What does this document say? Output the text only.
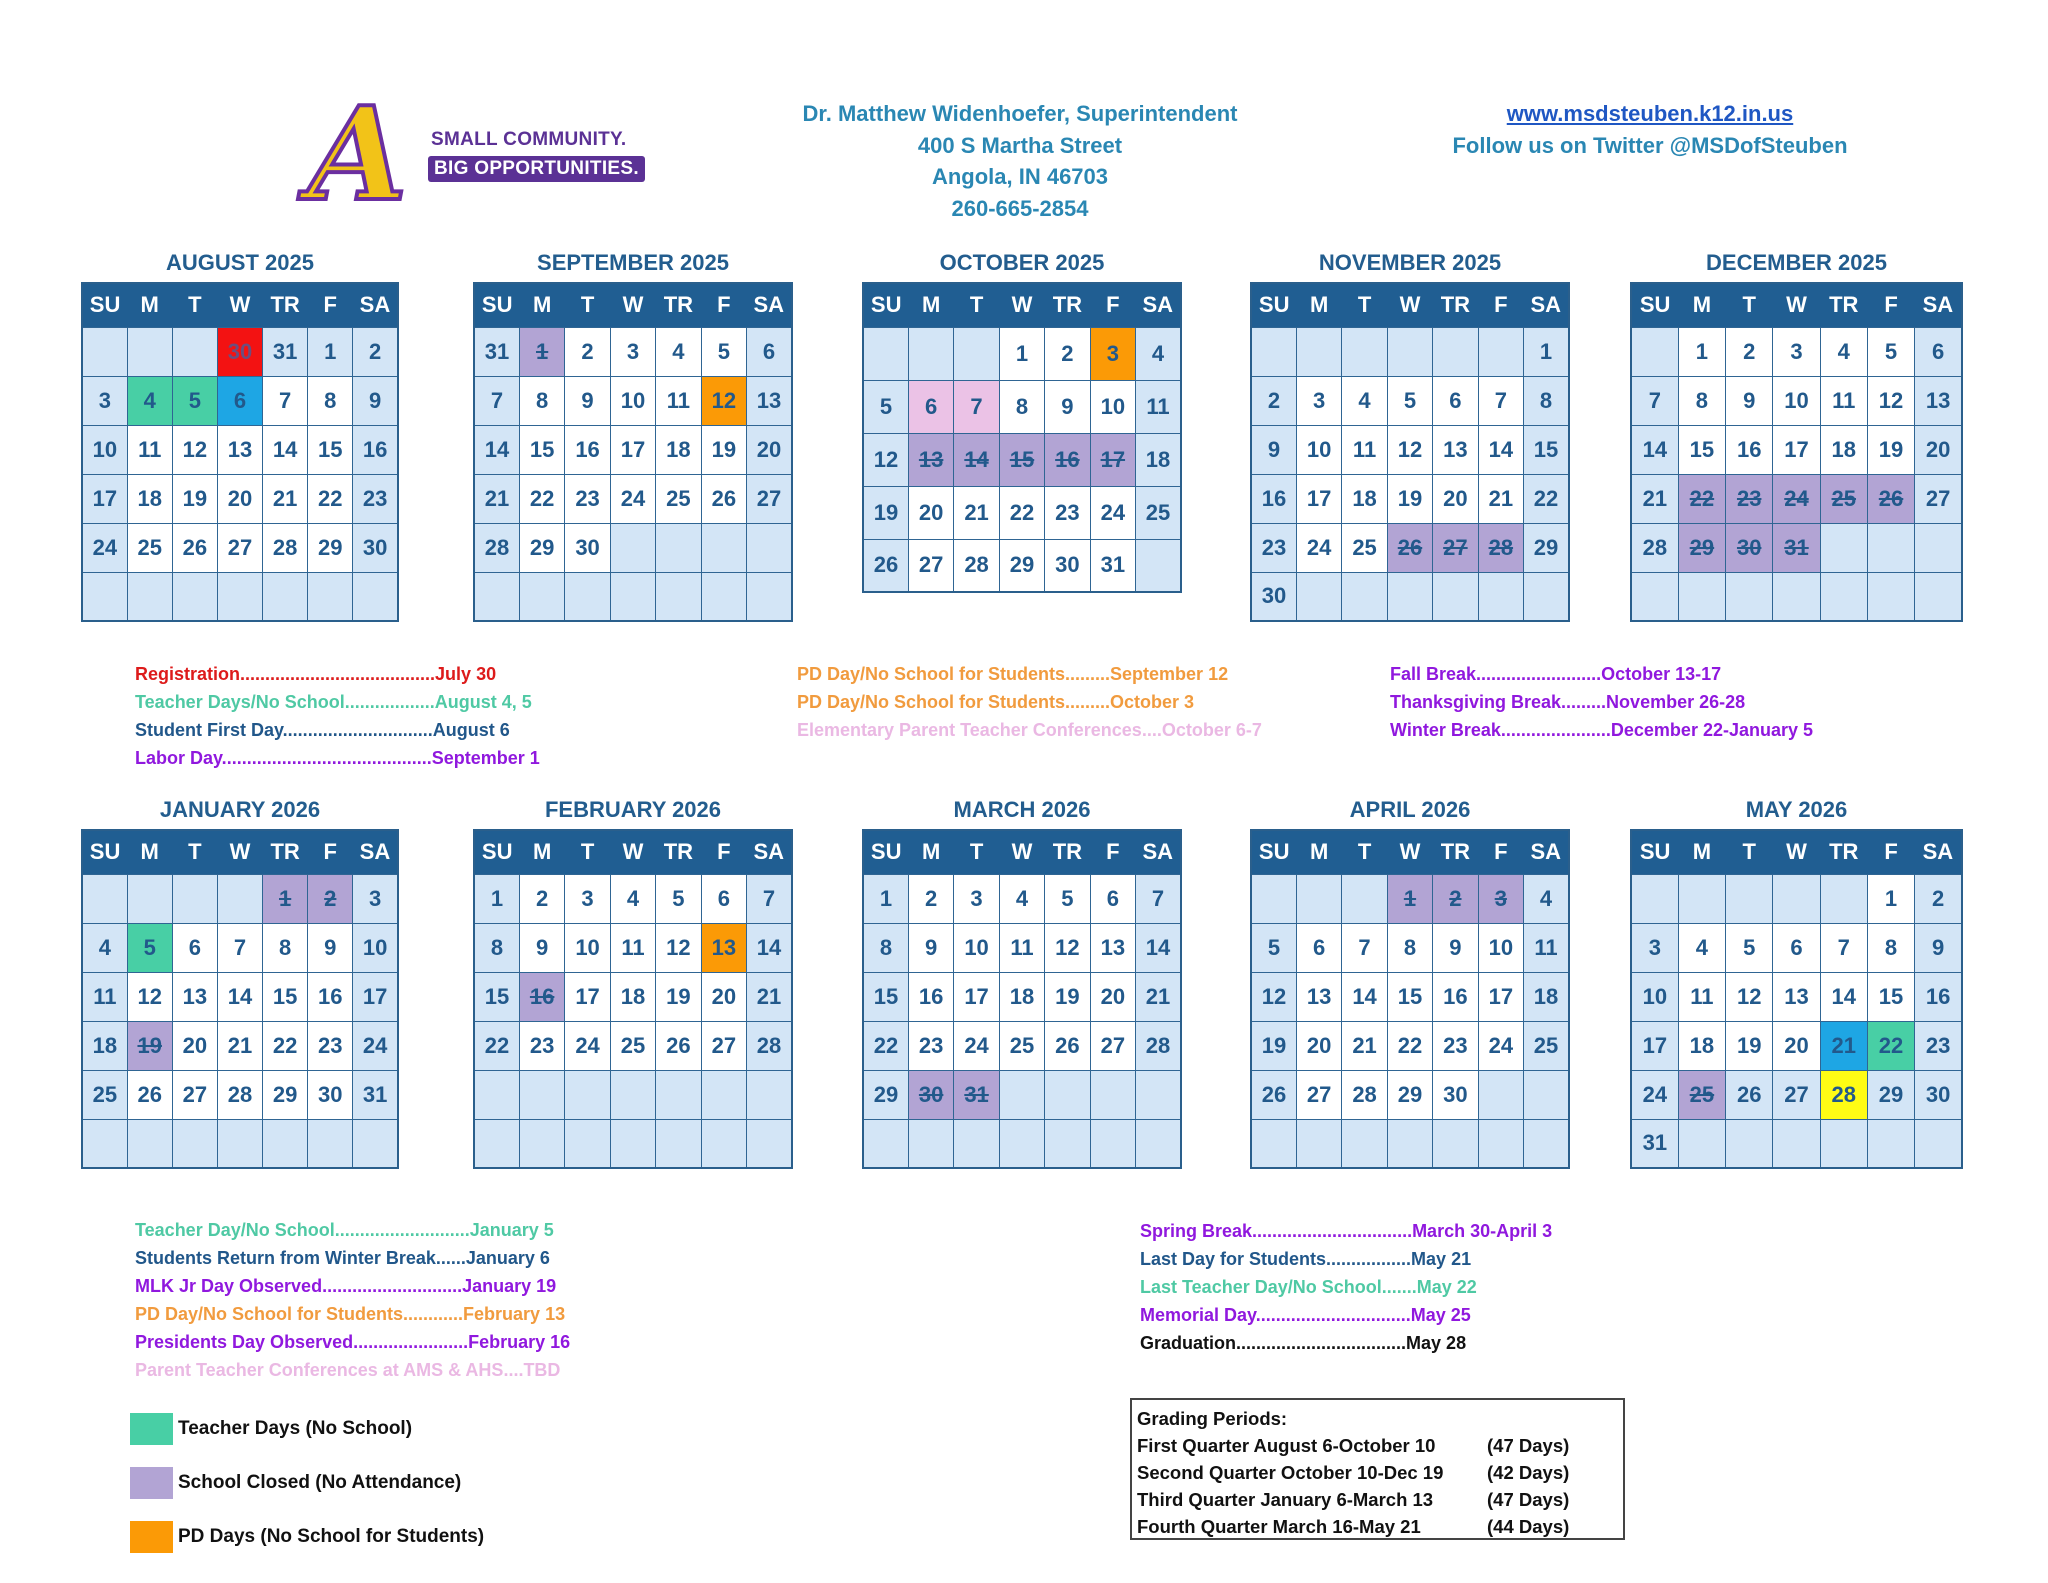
A SMALL COMMUNITY.
BIG OPPORTUNITIES.
Dr. Matthew Widenhoefer, Superintendent
400 S Martha Street
Angola, IN 46703
260-665-2854
www.msdsteuben.k12.in.us
Follow us on Twitter @MSDofSteuben
AUGUST 2025
SU	M	T	W	TR	F	SA
			30	31	1	2
3	4	5	6	7	8	9
10	11	12	13	14	15	16
17	18	19	20	21	22	23
24	25	26	27	28	29	30

SEPTEMBER 2025
SU	M	T	W	TR	F	SA
31	1	2	3	4	5	6
7	8	9	10	11	12	13
14	15	16	17	18	19	20
21	22	23	24	25	26	27
28	29	30				

OCTOBER 2025
SU	M	T	W	TR	F	SA
			1	2	3	4
5	6	7	8	9	10	11
12	13	14	15	16	17	18
19	20	21	22	23	24	25
26	27	28	29	30	31	
NOVEMBER 2025
SU	M	T	W	TR	F	SA
						1
2	3	4	5	6	7	8
9	10	11	12	13	14	15
16	17	18	19	20	21	22
23	24	25	26	27	28	29
30						
DECEMBER 2025
SU	M	T	W	TR	F	SA
	1	2	3	4	5	6
7	8	9	10	11	12	13
14	15	16	17	18	19	20
21	22	23	24	25	26	27
28	29	30	31			

JANUARY 2026
SU	M	T	W	TR	F	SA
				1	2	3
4	5	6	7	8	9	10
11	12	13	14	15	16	17
18	19	20	21	22	23	24
25	26	27	28	29	30	31

FEBRUARY 2026
SU	M	T	W	TR	F	SA
1	2	3	4	5	6	7
8	9	10	11	12	13	14
15	16	17	18	19	20	21
22	23	24	25	26	27	28

MARCH 2026
SU	M	T	W	TR	F	SA
1	2	3	4	5	6	7
8	9	10	11	12	13	14
15	16	17	18	19	20	21
22	23	24	25	26	27	28
29	30	31				

APRIL 2026
SU	M	T	W	TR	F	SA
			1	2	3	4
5	6	7	8	9	10	11
12	13	14	15	16	17	18
19	20	21	22	23	24	25
26	27	28	29	30		

MAY 2026
SU	M	T	W	TR	F	SA
					1	2
3	4	5	6	7	8	9
10	11	12	13	14	15	16
17	18	19	20	21	22	23
24	25	26	27	28	29	30
31						
Registration.......................................July 30
Teacher Days/No School..................August 4, 5
Student First Day..............................August 6
Labor Day..........................................September 1
PD Day/No School for Students.........September 12
PD Day/No School for Students.........October 3
Elementary Parent Teacher Conferences....October 6-7
Fall Break.........................October 13-17
Thanksgiving Break.........November 26-28
Winter Break......................December 22-January 5
Teacher Day/No School...........................January 5
Students Return from Winter Break......January 6
MLK Jr Day Observed............................January 19
PD Day/No School for Students............February 13
Presidents Day Observed.......................February 16
Parent Teacher Conferences at AMS & AHS....TBD
Spring Break................................March 30-April 3
Last Day for Students.................May 21
Last Teacher Day/No School.......May 22
Memorial Day...............................May 25
Graduation..................................May 28
Teacher Days (No School)
School Closed (No Attendance)
PD Days (No School for Students)
Grading Periods:
First Quarter August 6-October 10	(47 Days)
Second Quarter October 10-Dec 19	(42 Days)
Third Quarter January 6-March 13	(47 Days)
Fourth Quarter March 16-May 21	(44 Days)
